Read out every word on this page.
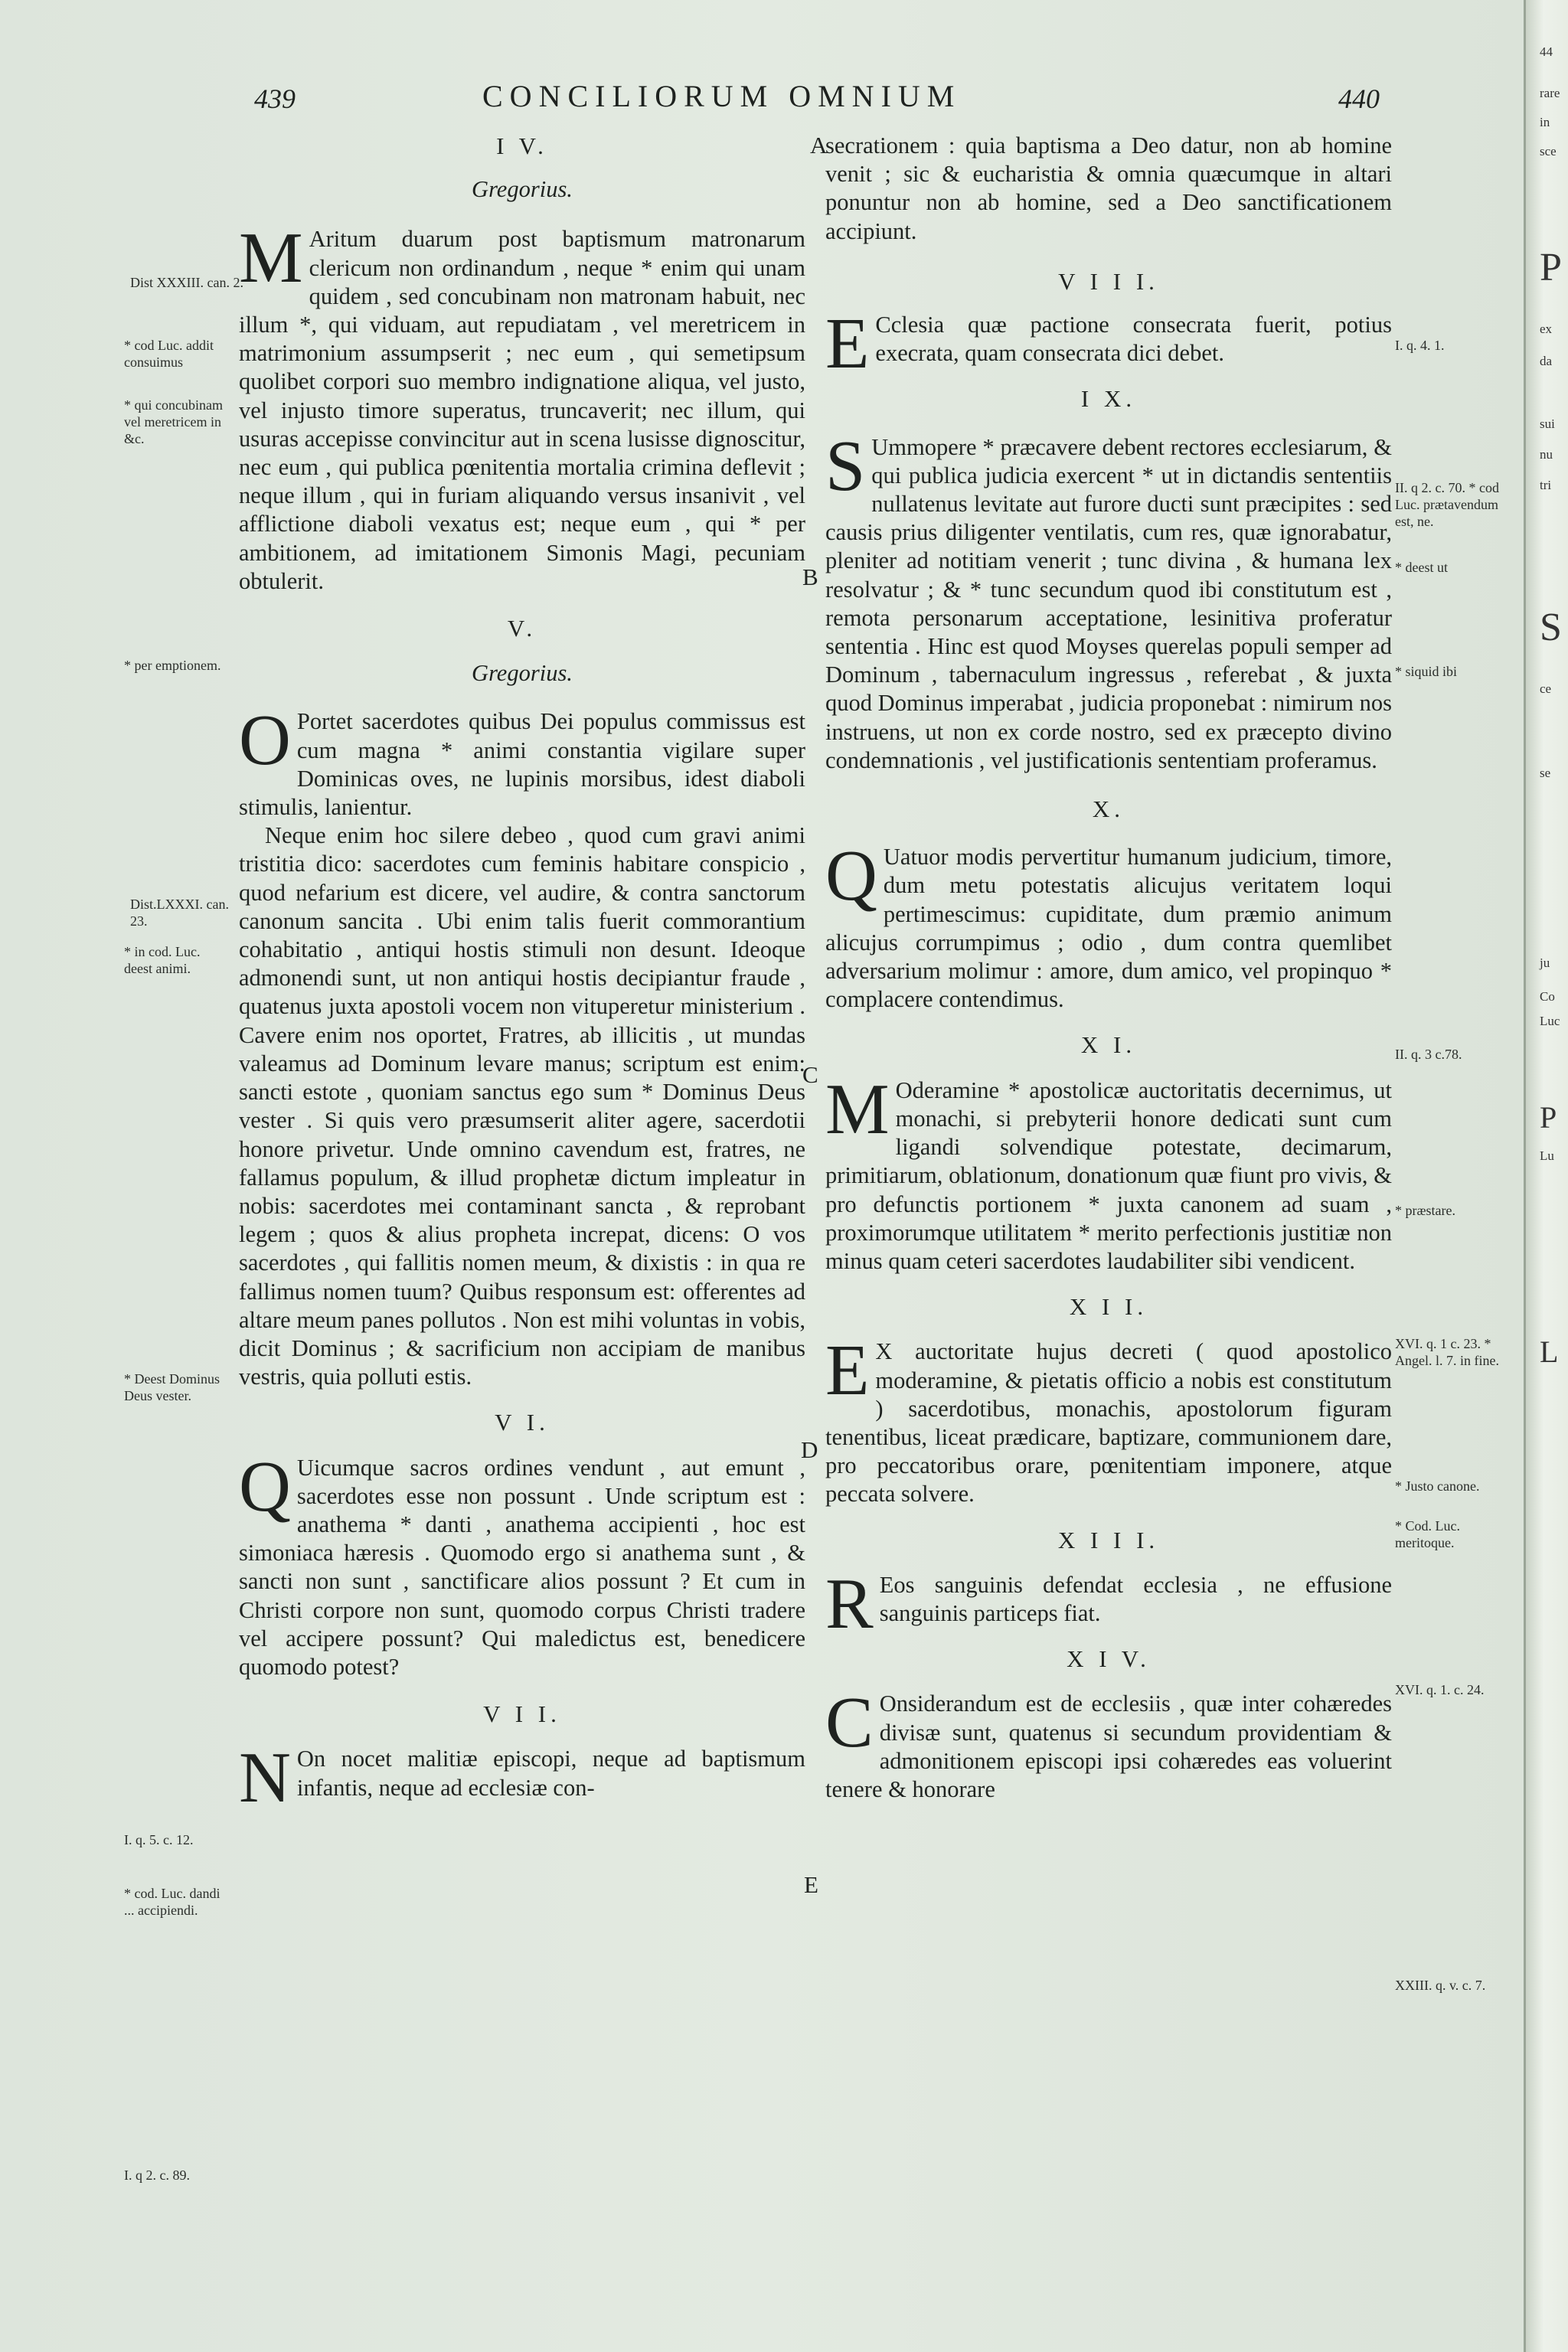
439	CONCILIORUM OMNIUM	440

I V.

Gregorius.

M Aritum duarum post baptismum matronarum clericum non ordinandum , neque * enim qui unam quidem , sed concubinam non matronam habuit, nec illum *, qui viduam, aut repudiatam , vel meretricem in matrimonium assumpserit ; nec eum , qui semetipsum quolibet corpori suo membro indignatione aliqua, vel justo, vel injusto timore superatus, truncaverit; nec illum, qui usuras accepisse convincitur aut in scena lusisse dignoscitur, nec eum , qui publica pœnitentia mortalia crimina deflevit ; neque illum , qui in furiam aliquando versus insanivit , vel afflictione diaboli vexatus est; neque eum , qui * per ambitionem, ad imitationem Simonis Magi, pecuniam obtulerit.

V.

Gregorius.

O Portet sacerdotes quibus Dei populus commissus est cum magna * animi constantia vigilare super Dominicas oves, ne lupinis morsibus, idest diaboli stimulis, lanientur.

Neque enim hoc silere debeo , quod cum gravi animi tristitia dico: sacerdotes cum feminis habitare conspicio , quod nefarium est dicere, vel audire, & contra sanctorum canonum sancita . Ubi enim talis fuerit commorantium cohabitatio , antiqui hostis stimuli non desunt. Ideoque admonendi sunt, ut non antiqui hostis decipiantur fraude , quatenus juxta apostoli vocem non vituperetur ministerium . Cavere enim nos oportet, Fratres, ab illicitis , ut mundas valeamus ad Dominum levare manus; scriptum est enim: sancti estote , quoniam sanctus ego sum * Dominus Deus vester . Si quis vero præsumserit aliter agere, sacerdotii honore privetur. Unde omnino cavendum est, fratres, ne fallamus populum, & illud prophetæ dictum impleatur in nobis: sacerdotes mei contaminant sancta , & reprobant legem ; quos & alius propheta increpat, dicens: O vos sacerdotes , qui fallitis nomen meum, & dixistis : in qua re fallimus nomen tuum? Quibus responsum est: offerentes ad altare meum panes pollutos . Non est mihi voluntas in vobis, dicit Dominus ; & sacrificium non accipiam de manibus vestris, quia polluti estis.

V I.

Q Uicumque sacros ordines vendunt , aut emunt , sacerdotes esse non possunt . Unde scriptum est : anathema * danti , anathema accipienti , hoc est simoniaca hæresis . Quomodo ergo si anathema sunt , & sancti non sunt , sanctificare alios possunt ? Et cum in Christi corpore non sunt, quomodo corpus Christi tradere vel accipere possunt? Qui maledictus est, benedicere quomodo potest?

V I I.

N On nocet malitiæ episcopi, neque ad baptismum infantis, neque ad ecclesiæ con-

secrationem : quia baptisma a Deo datur, non ab homine venit ; sic & eucharistia & omnia quæcumque in altari ponuntur non ab homine, sed a Deo sanctificationem accipiunt.

V I I I.

E Cclesia quæ pactione consecrata fuerit, potius execrata, quam consecrata dici debet.

I X.

S Ummopere * præcavere debent rectores ecclesiarum, & qui publica judicia exercent * ut in dictandis sententiis nullatenus levitate aut furore ducti sunt præcipites : sed causis prius diligenter ventilatis, cum res, quæ ignorabatur, pleniter ad notitiam venerit ; tunc divina , & humana lex resolvatur ; & * tunc secundum quod ibi constitutum est , remota personarum acceptatione, lesinitiva proferatur sententia . Hinc est quod Moyses querelas populi semper ad Dominum , tabernaculum ingressus , referebat , & juxta quod Dominus imperabat , judicia proponebat : nimirum nos instruens, ut non ex corde nostro, sed ex præcepto divino condemnationis , vel justificationis sententiam proferamus.

X.

Q Uatuor modis pervertitur humanum judicium, timore, dum metu potestatis alicujus veritatem loqui pertimescimus: cupiditate, dum præmio animum alicujus corrumpimus ; odio , dum contra quemlibet adversarium molimur : amore, dum amico, vel propinquo * complacere contendimus.

X I.

M Oderamine * apostolicæ auctoritatis decernimus, ut monachi, si prebyterii honore dedicati sunt cum ligandi solvendique potestate, decimarum, primitiarum, oblationum, donationum quæ fiunt pro vivis, & pro defunctis portionem * juxta canonem ad suam , proximorumque utilitatem * merito perfectionis justitiæ non minus quam ceteri sacerdotes laudabiliter sibi vendicent.

X I I.

E X auctoritate hujus decreti ( quod apostolico moderamine, & pietatis officio a nobis est constitutum ) sacerdotibus, monachis, apostolorum figuram tenentibus, liceat prædicare, baptizare, communionem dare, pro peccatoribus orare, pœnitentiam imponere, atque peccata solvere.

X I I I.

R Eos sanguinis defendat ecclesia , ne effusione sanguinis particeps fiat.

X I V.

C Onsiderandum est de ecclesiis , quæ inter cohæredes divisæ sunt, quatenus si secundum providentiam & admonitionem episcopi ipsi cohæredes eas voluerint tenere & honorare

Dist XXXIII. can. 2.
* cod Luc. addit consuimus
* qui concubinam vel meretricem in &c.
* per emptionem.
Dist.LXXXI. can. 23.
* in cod. Luc. deest animi.
* Deest Dominus Deus vester.
I. q. 5. c. 12.
* cod. Luc. dandi ... accipiendi.
I. q 2. c. 89.
I. q. 4. 1.
II. q 2. c. 70. * cod Luc. prætavendum est, ne.
* deest ut
* siquid ibi
II. q. 3 c.78.
* præstare.
XVI. q. 1 c. 23. * Angel. l. 7. in fine.
* Justo canone.
* Cod. Luc. meritoque.
XVI. q. 1. c. 24.
XXIII. q. v. c. 7.
A
B
C
D
E
44
rare
in
sce
P
ex
da
sui
nu
tri
S
ce
se
ju
Co
Luc
P
Lu
L
